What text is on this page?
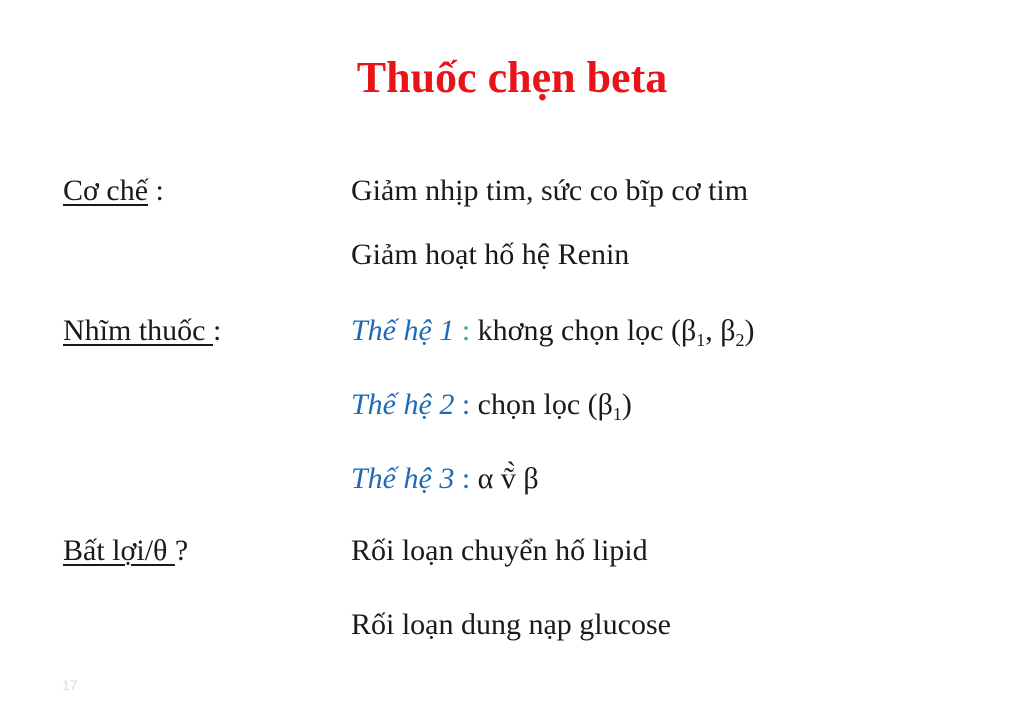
Thuốc chẹn beta
Cơ chế :	Giảm nhịp tim, sức co bĩp cơ tim
Giảm hoạt hố hệ Renin
Nhĩm thuốc :	Thế hệ 1 : khơng chọn lọc ($\beta_1$, $\beta_2$)
Thế hệ 2 : chọn lọc $(\beta_1)$
Thế hệ 3 : α ṽ̀ β
Bất lợi/θ ?	Rối loạn chuyển hố lipid
Rối loạn dung nạp glucose
17
